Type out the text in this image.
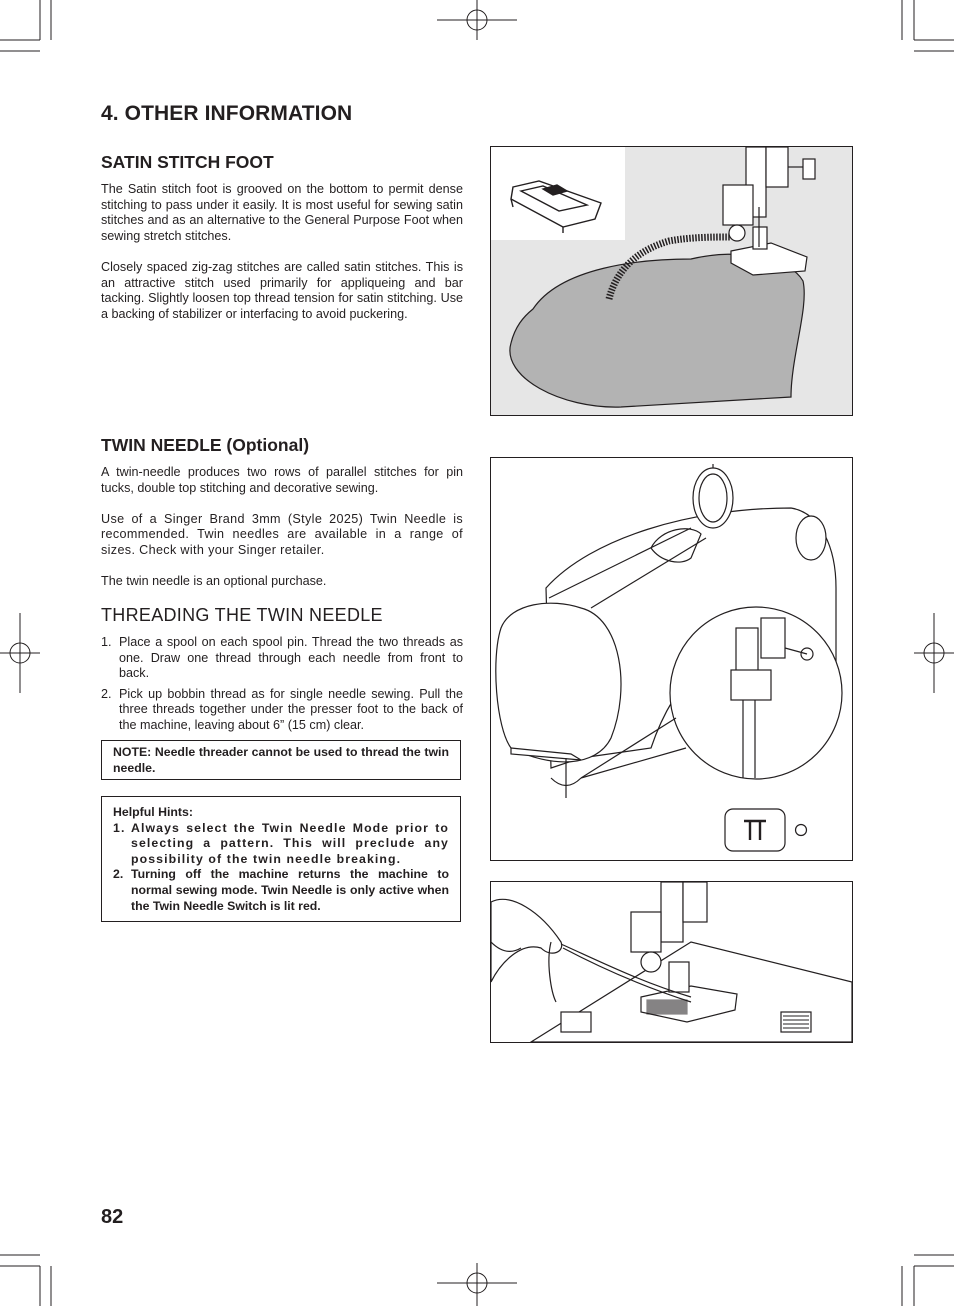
4. OTHER INFORMATION
SATIN STITCH FOOT

The Satin stitch foot is grooved on the bottom to permit dense stitching to pass under it easily. It is most useful for sewing satin stitches and as an alternative to the General Purpose Foot when sewing stretch stitches.

Closely spaced zig-zag stitches are called satin stitches. This is an attractive stitch used primarily for appliqueing and bar tacking. Slightly loosen top thread tension for satin stitching. Use a backing of stabilizer or interfacing to avoid puckering.

TWIN NEEDLE (Optional)

A twin-needle produces two rows of parallel stitches for pin tucks, double top stitching and decorative sewing.

Use of a Singer Brand 3mm (Style 2025) Twin Needle is recommended. Twin needles are available in a range of sizes. Check with your Singer retailer.

The twin needle is an optional purchase.

THREADING THE TWIN NEEDLE
1. Place a spool on each spool pin. Thread the two threads as one. Draw one thread through each needle from front to back.
2. Pick up bobbin thread as for single needle sewing. Pull the three threads together under the presser foot to the back of the machine, leaving about 6” (15 cm) clear.
NOTE: Needle threader cannot be used to thread the twin needle.
Helpful Hints:
1. Always select the Twin Needle Mode prior to selecting a pattern. This will preclude any possibility of the twin needle breaking.
2. Turning off the machine returns the machine to normal sewing mode. Twin Needle is only active when the Twin Needle Switch is lit red.
82
